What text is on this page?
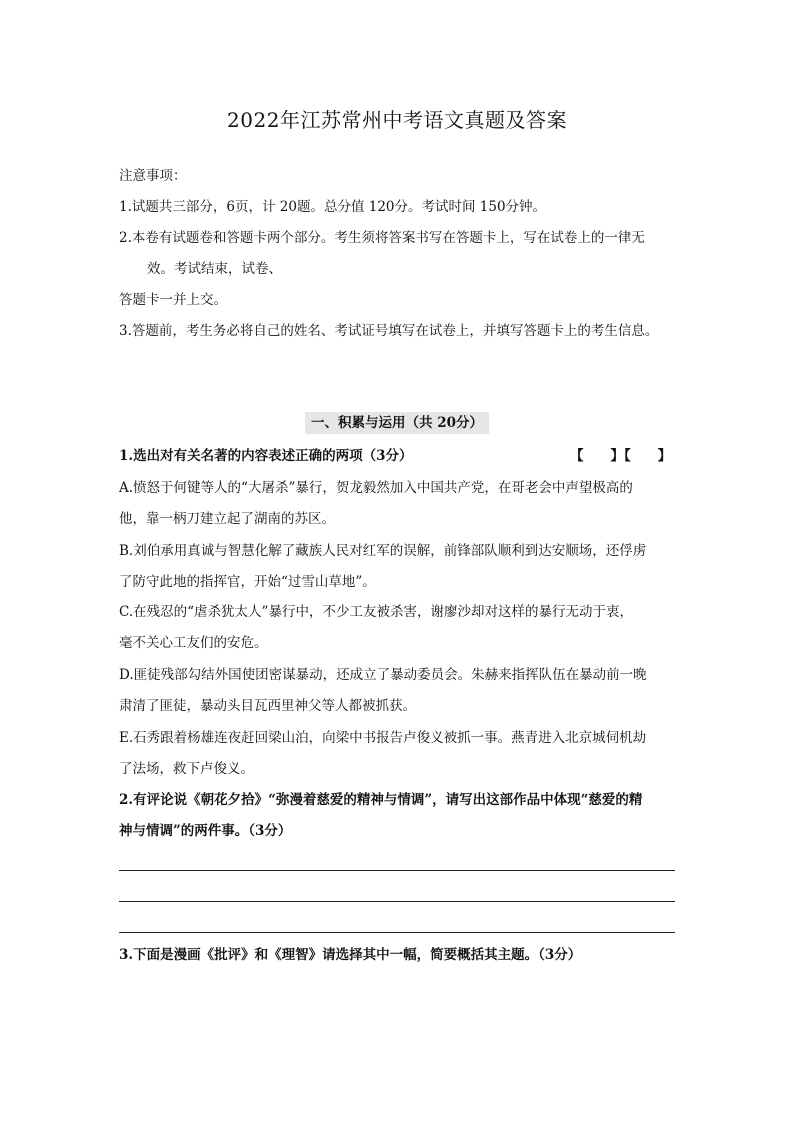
2022年江苏常州中考语文真题及答案
注意事项：
1.试题共三部分，6页，计 20题。总分值 120分。考试时间 150分钟。
2.本卷有试题卷和答题卡两个部分。考生须将答案书写在答题卡上，写在试卷上的一律无
效。考试结束，试卷、
答题卡一并上交。
3.答题前，考生务必将自己的姓名、考试证号填写在试卷上，并填写答题卡上的考生信息。
一、积累与运用（共 20分）
1.选出对有关名著的内容表述正确的两项（3分）	【　　】【　　】
A.愤怒于何键等人的“大屠杀”暴行，贺龙毅然加入中国共产党，在哥老会中声望极高的
他，靠一柄刀建立起了湖南的苏区。
B.刘伯承用真诚与智慧化解了藏族人民对红军的误解，前锋部队顺利到达安顺场，还俘虏
了防守此地的指挥官，开始“过雪山草地”。
C.在残忍的“虐杀犹太人”暴行中，不少工友被杀害，谢廖沙却对这样的暴行无动于衷，
毫不关心工友们的安危。
D.匪徒残部勾结外国使团密谋暴动，还成立了暴动委员会。朱赫来指挥队伍在暴动前一晚
肃清了匪徒，暴动头目瓦西里神父等人都被抓获。
E.石秀跟着杨雄连夜赶回梁山泊，向梁中书报告卢俊义被抓一事。燕青进入北京城伺机劫
了法场，救下卢俊义。
2.有评论说《朝花夕拾》“弥漫着慈爱的精神与情调”，请写出这部作品中体现“慈爱的精
神与情调”的两件事。（3分）
3.下面是漫画《批评》和《理智》请选择其中一幅，简要概括其主题。（3分）
